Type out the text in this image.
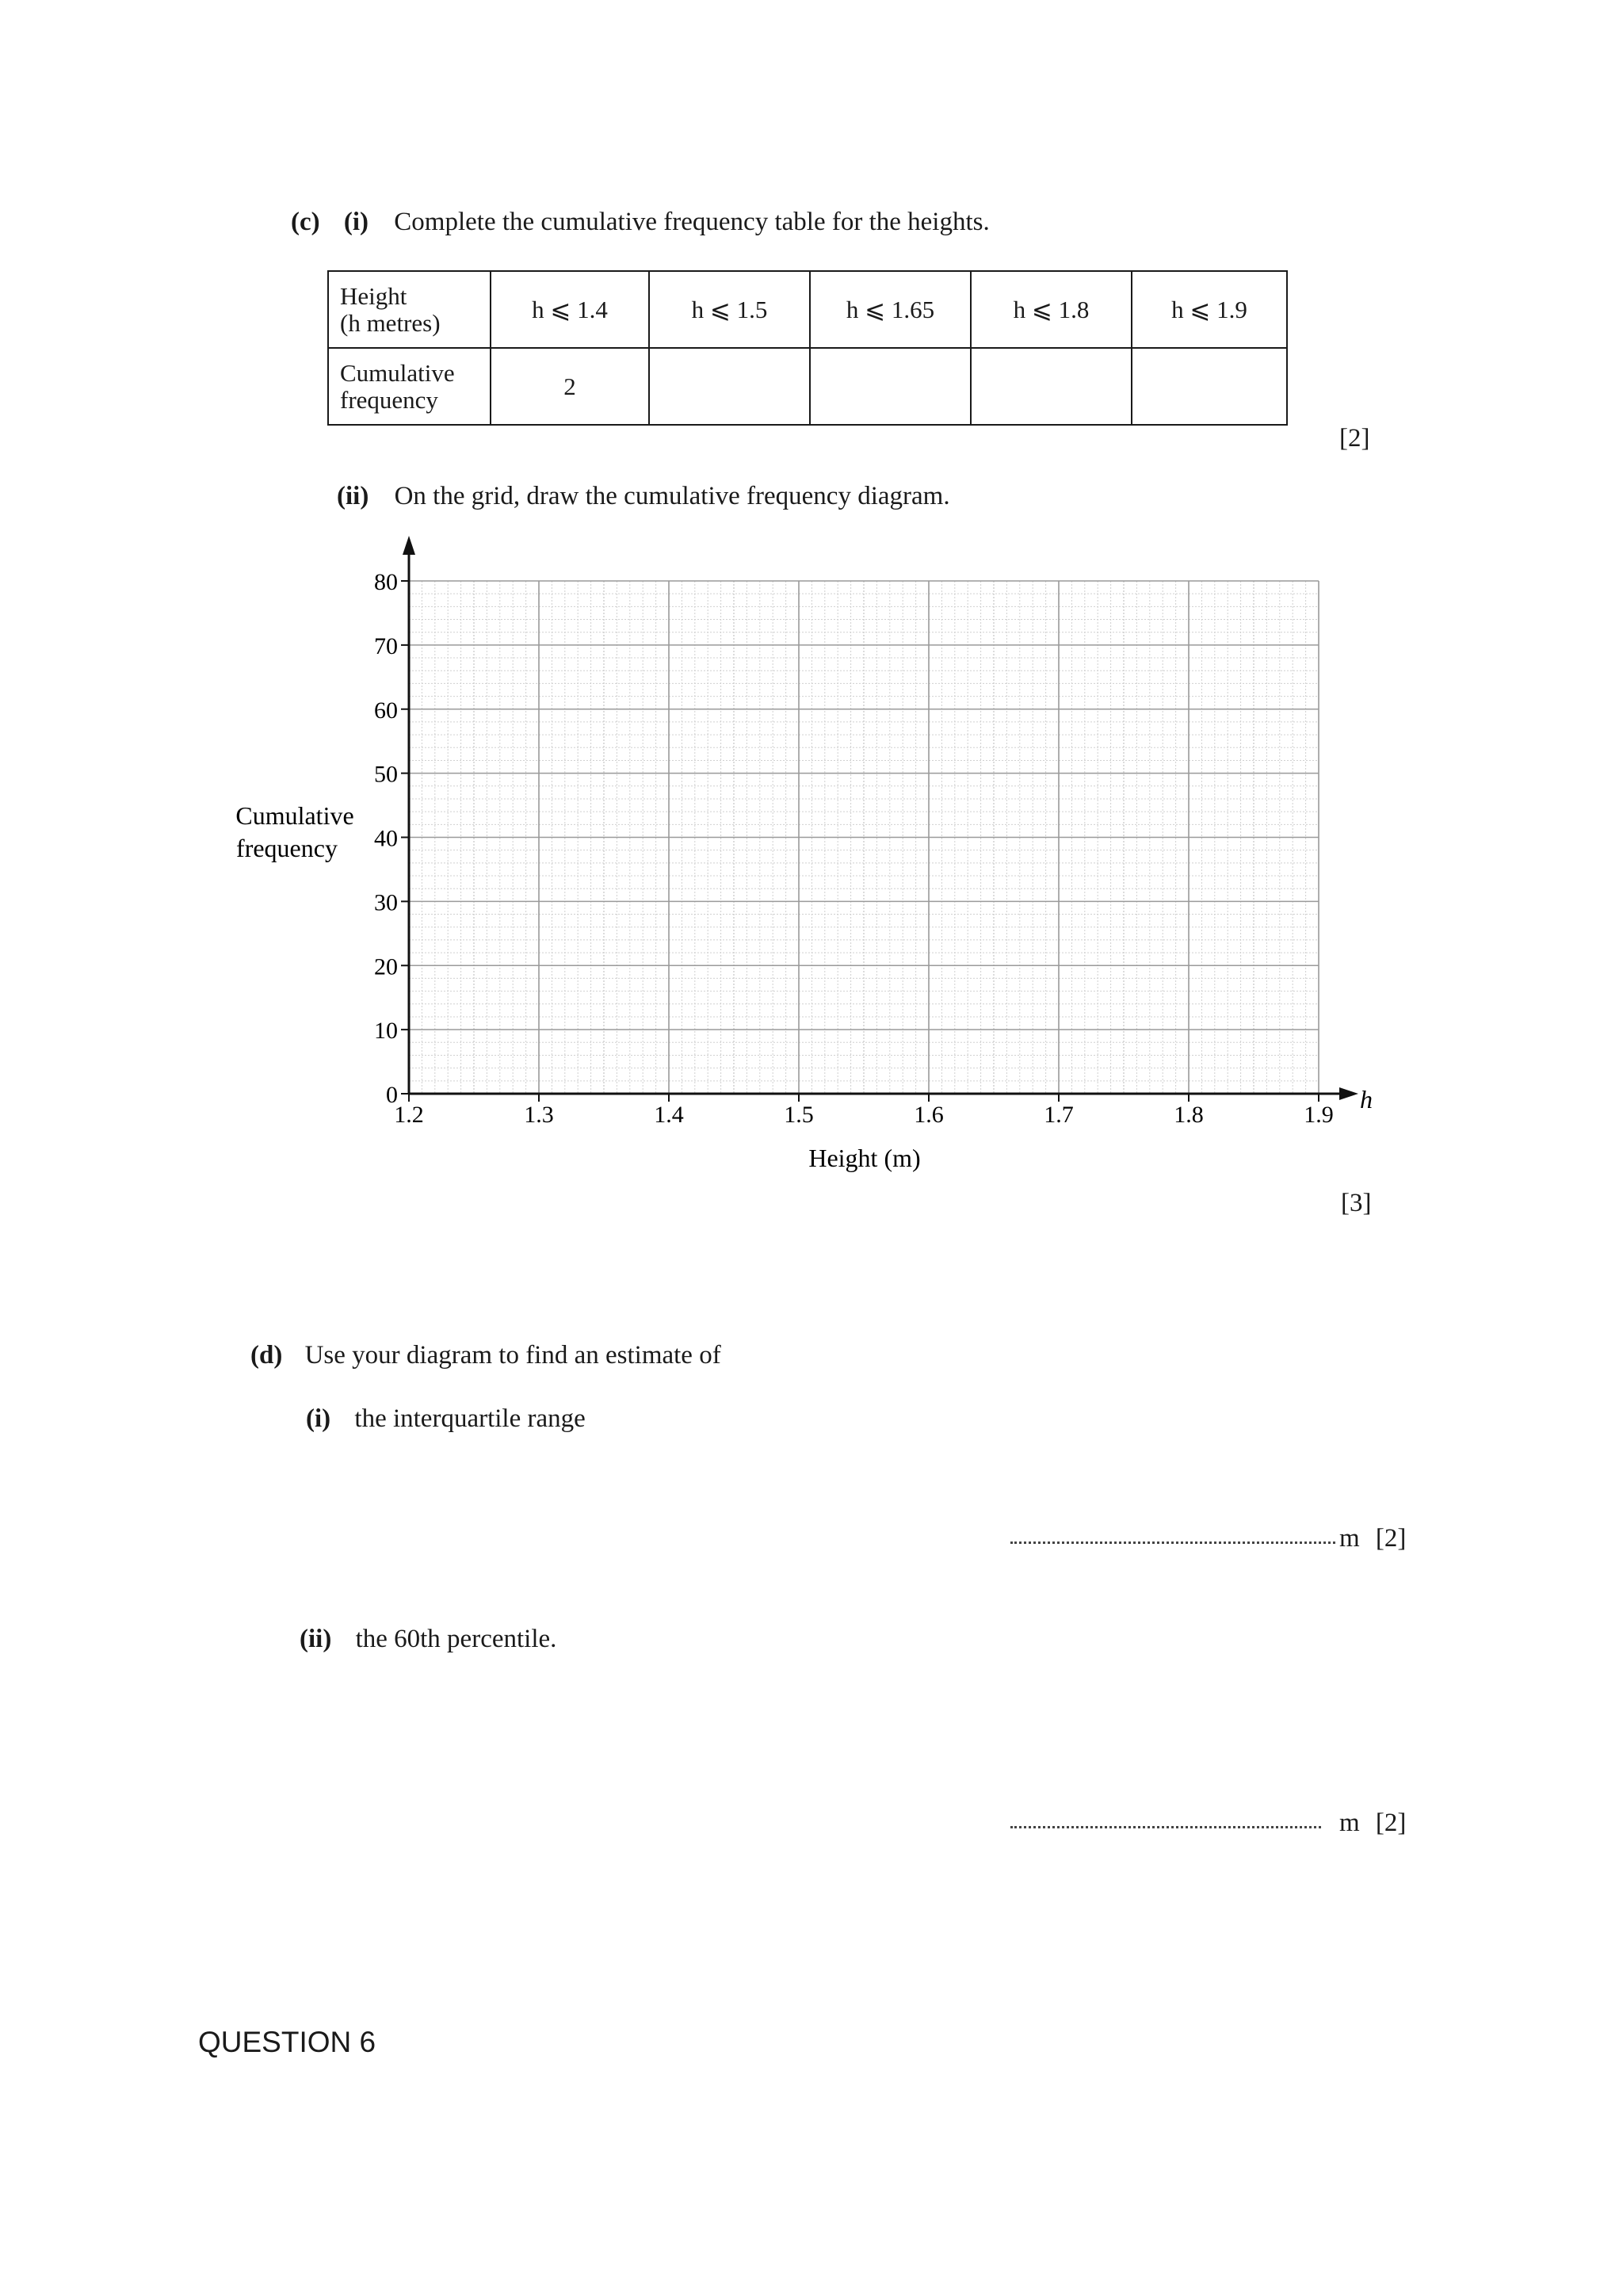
(c) (i) Complete the cumulative frequency table for the heights.
Height
(h metres)	h ⩽ 1.4	h ⩽ 1.5	h ⩽ 1.65	h ⩽ 1.8	h ⩽ 1.9

Cumulative
frequency	2				
[2]
(ii) On the grid, draw the cumulative frequency diagram.
0
10
20
30
40
50
60
70
80
1.2	1.3	1.4	1.5	1.6	1.7	1.8	1.9
Cumulative
frequency
Height (m)
h
[3]
(d) Use your diagram to find an estimate of
(i) the interquartile range
m [2]
(ii) the 60th percentile.
m [2]
QUESTION 6
